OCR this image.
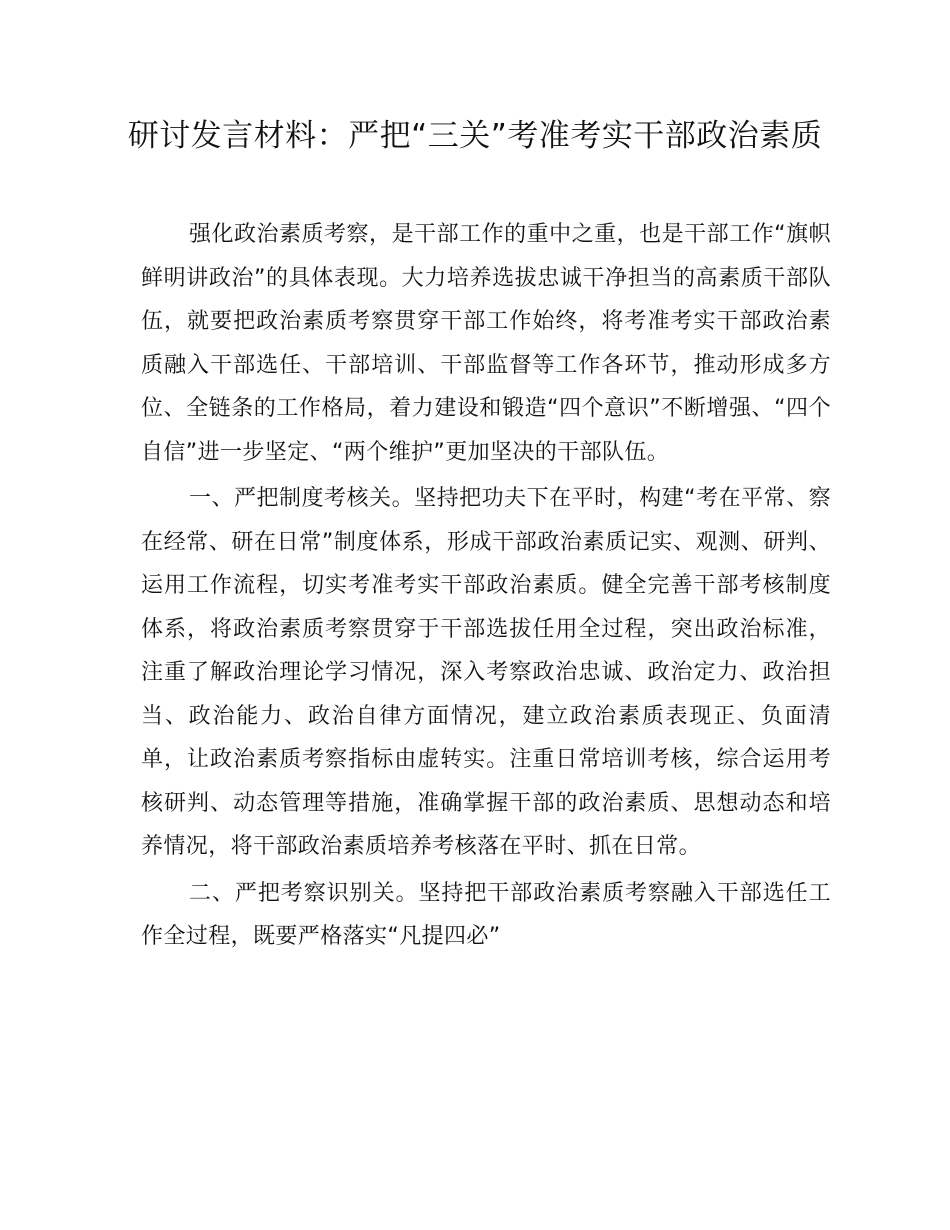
研讨发言材料：严把“三关”考准考实干部政治素质

强化政治素质考察，是干部工作的重中之重，也是干部工作“旗帜鲜明讲政治”的具体表现。大力培养选拔忠诚干净担当的高素质干部队伍，就要把政治素质考察贯穿干部工作始终，将考准考实干部政治素质融入干部选任、干部培训、干部监督等工作各环节，推动形成多方位、全链条的工作格局，着力建设和锻造“四个意识”不断增强、“四个自信”进一步坚定、“两个维护”更加坚决的干部队伍。

一、严把制度考核关。坚持把功夫下在平时，构建“考在平常、察在经常、研在日常”制度体系，形成干部政治素质记实、观测、研判、运用工作流程，切实考准考实干部政治素质。健全完善干部考核制度体系，将政治素质考察贯穿于干部选拔任用全过程，突出政治标准，注重了解政治理论学习情况，深入考察政治忠诚、政治定力、政治担当、政治能力、政治自律方面情况，建立政治素质表现正、负面清单，让政治素质考察指标由虚转实。注重日常培训考核，综合运用考核研判、动态管理等措施，准确掌握干部的政治素质、思想动态和培养情况，将干部政治素质培养考核落在平时、抓在日常。

二、严把考察识别关。坚持把干部政治素质考察融入干部选任工作全过程，既要严格落实“凡提四必”
